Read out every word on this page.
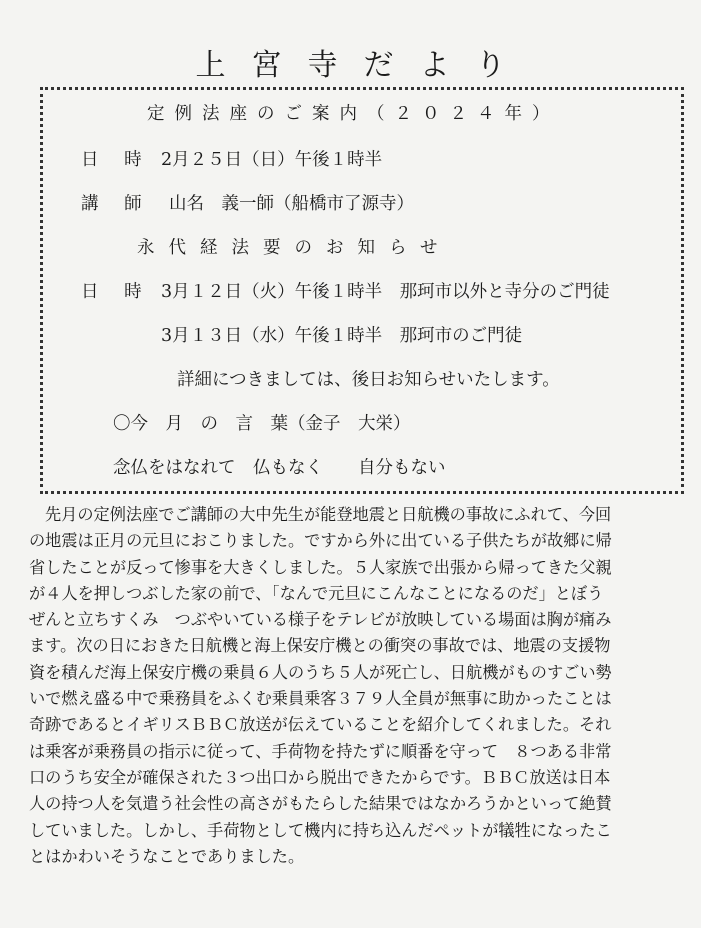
上宮寺だより
定例法座のご案内（２０２４年）
日 時 2月２５日（日）午後１時半
講 師 山名　義一師（船橋市了源寺）
永代経法要のお知らせ
日 時 3月１２日（火）午後１時半　那珂市以外と寺分のご門徒
3月１３日（水）午後１時半　那珂市のご門徒
詳細につきましては、後日お知らせいたします。
〇今　月　の　言　葉（金子　大栄）
念仏をはなれて　仏もなく　　自分もない
先月の定例法座でご講師の大中先生が能登地震と日航機の事故にふれて、今回
の地震は正月の元旦におこりました。ですから外に出ている子供たちが故郷に帰
省したことが反って惨事を大きくしました。５人家族で出張から帰ってきた父親
が４人を押しつぶした家の前で、「なんで元旦にこんなことになるのだ」とぼう
ぜんと立ちすくみ　つぶやいている様子をテレビが放映している場面は胸が痛み
ます。次の日におきた日航機と海上保安庁機との衝突の事故では、地震の支援物
資を積んだ海上保安庁機の乗員６人のうち５人が死亡し、日航機がものすごい勢
いで燃え盛る中で乗務員をふくむ乗員乗客３７９人全員が無事に助かったことは
奇跡であるとイギリスＢＢＣ放送が伝えていることを紹介してくれました。それ
は乗客が乗務員の指示に従って、手荷物を持たずに順番を守って　８つある非常
口のうち安全が確保された３つ出口から脱出できたからです。ＢＢＣ放送は日本
人の持つ人を気遣う社会性の高さがもたらした結果ではなかろうかといって絶賛
していました。しかし、手荷物として機内に持ち込んだペットが犠牲になったこ
とはかわいそうなことでありました。
